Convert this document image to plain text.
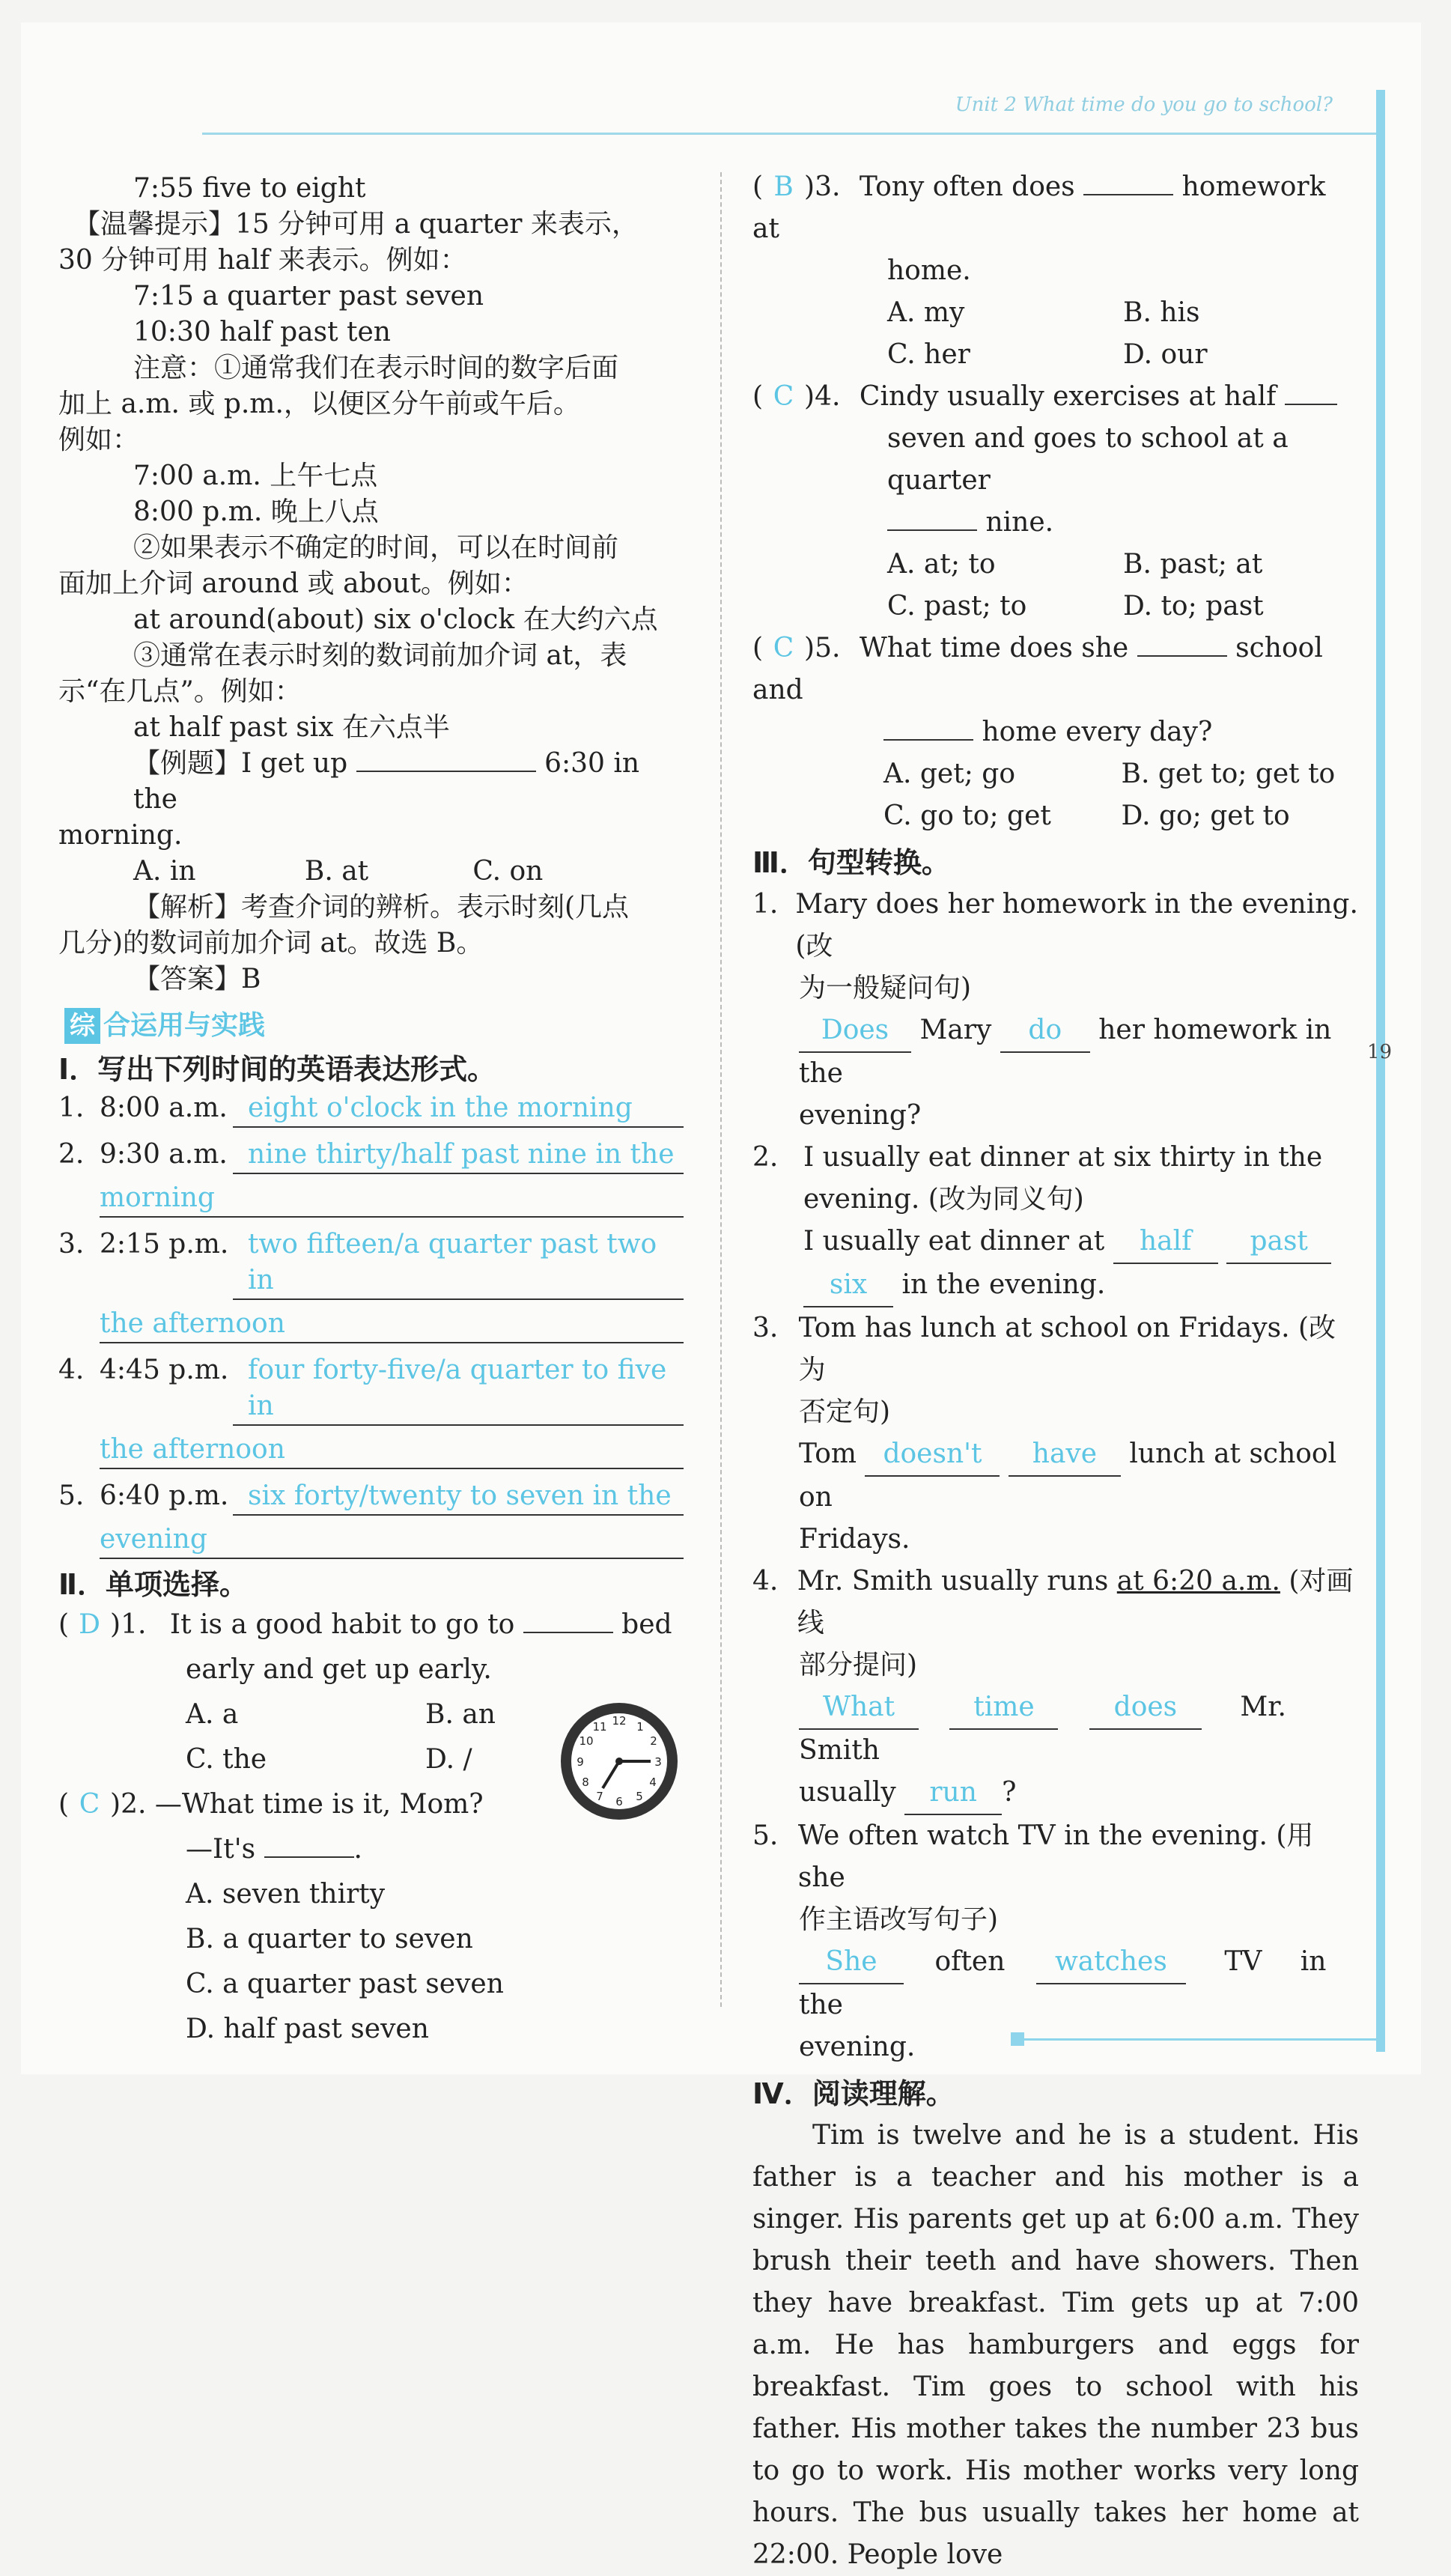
Unit 2 What time do you go to school?
19

7:55 five to eight

【温馨提示】15 分钟可用 a quarter 来表示，

30 分钟可用 half 来表示。例如：

7:15 a quarter past seven

10:30 half past ten

注意：①通常我们在表示时间的数字后面

加上 a.m. 或 p.m.，以便区分午前或午后。

例如：

7:00 a.m. 上午七点

8:00 p.m. 晚上八点

②如果表示不确定的时间，可以在时间前

面加上介词 around 或 about。例如：

at around(about) six o'clock 在大约六点

③通常在表示时刻的数词前加介词 at，表

示“在几点”。例如：

at half past six 在六点半

【例题】I get up	6:30 in the

morning.

A. in	B. at	C. on

【解析】考查介词的辨析。表示时刻(几点

几分)的数词前加介词 at。故选 B。

【答案】B

综 合运用与实践

Ⅰ．写出下列时间的英语表达形式。

1. 8:00 a.m. eight o'clock in the morning

2. 9:30 a.m. nine thirty/half past nine in the

morning

3. 2:15 p.m. two fifteen/a quarter past two in

the afternoon

4. 4:45 p.m. four forty-five/a quarter to five in

the afternoon

5. 6:40 p.m. six forty/twenty to seven in the

evening

Ⅱ．单项选择。

( D )1. It is a good habit to go to	bed

early and get up early.

A. a	B. an

C. the	D. /

( C )2. —What time is it, Mom?

—It's	.

A. seven thirty

B. a quarter to seven

C. a quarter past seven

D. half past seven

12 1
2
3
4
5
6
7
8
9
10
11

( B )3. Tony often does	homework at

home.

A. my	B. his

C. her	D. our

( C )4. Cindy usually exercises at half

seven and goes to school at a quarter

nine.

A. at; to	B. past; at

C. past; to	D. to; past

( C )5. What time does she	school and

home every day?

A. get; go	B. get to; get to

C. go to; get	D. go; get to

Ⅲ．句型转换。

1. Mary does her homework in the evening. (改

为一般疑问句)

Does Mary do her homework in the

evening?

2. I usually eat dinner at six thirty in the

evening. (改为同义句)

I usually eat dinner at half past

six in the evening.

3. Tom has lunch at school on Fridays. (改为

否定句)

Tom doesn't have lunch at school on

Fridays.

4. Mr. Smith usually runs at 6:20 a.m. (对画线

部分提问)

What	time	does Mr. Smith

usually run ?

5. We often watch TV in the evening. (用 she

作主语改写句子)

She often watches TV in the

evening.

Ⅳ．阅读理解。

Tim is twelve and he is a student. His father is a teacher and his mother is a singer. His parents get up at 6:00 a.m. They brush their teeth and have showers. Then they have breakfast. Tim gets up at 7:00 a.m. He has hamburgers and eggs for breakfast. Tim goes to school with his father. His mother takes the number 23 bus to go to work. His mother works very long hours. The bus usually takes her home at 22:00. People love
